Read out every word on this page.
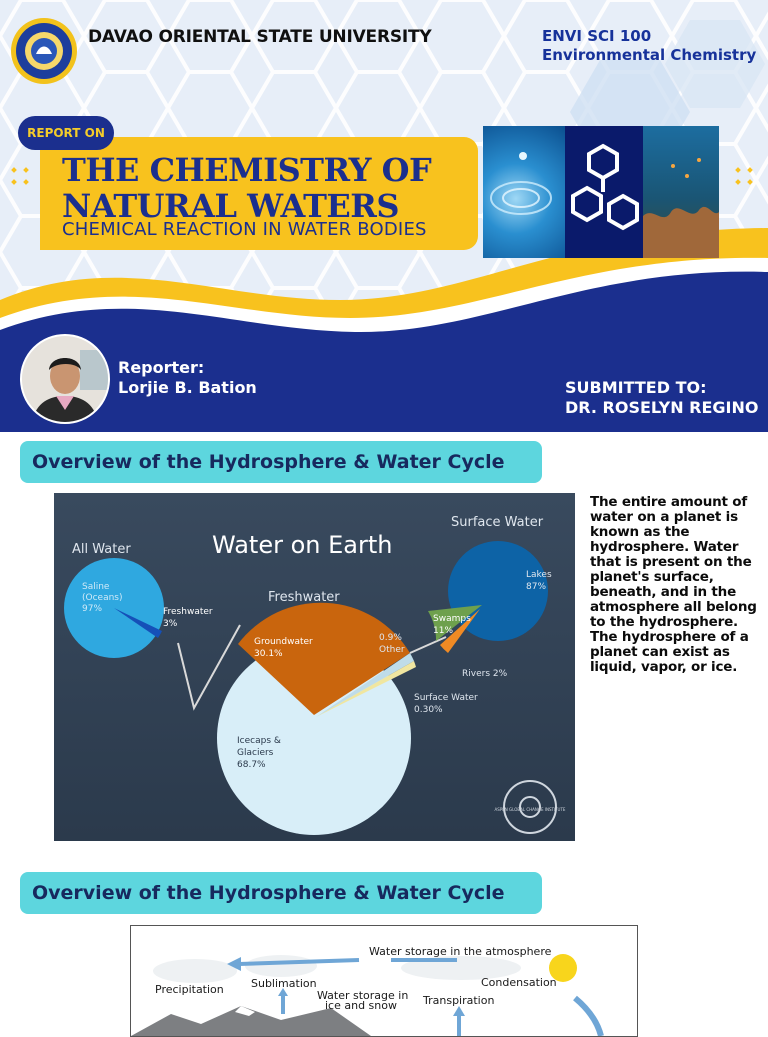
DAVAO ORIENTAL STATE UNIVERSITY	ENVI SCI 100
Environmental Chemistry
REPORT ON
THE CHEMISTRY OF
NATURAL WATERS
CHEMICAL REACTION IN WATER BODIES
Reporter:
Lorjie B. Bation	SUBMITTED TO:
DR. ROSELYN REGINO
Overview of the Hydrosphere & Water Cycle
Water on Earth
All Water
Surface Water
Freshwater
Saline
(Oceans)
97%	Freshwater
3%
Groundwater
30.1%
Icecaps &
Glaciers
68.7%
0.9%
Other
Surface Water
0.30%
Lakes
87%
Swamps
11%
Rivers 2%
ASPEN GLOBAL CHANGE INSTITUTE
The entire amount of water on a planet is known as the hydrosphere. Water that is present on the planet's surface, beneath, and in the atmosphere all belong to the hydrosphere. The hydrosphere of a planet can exist as liquid, vapor, or ice.
Overview of the Hydrosphere & Water Cycle
Water storage in the atmosphere
Precipitation Sublimation
Water storage in
ice and snow
Condensation
Transpiration
